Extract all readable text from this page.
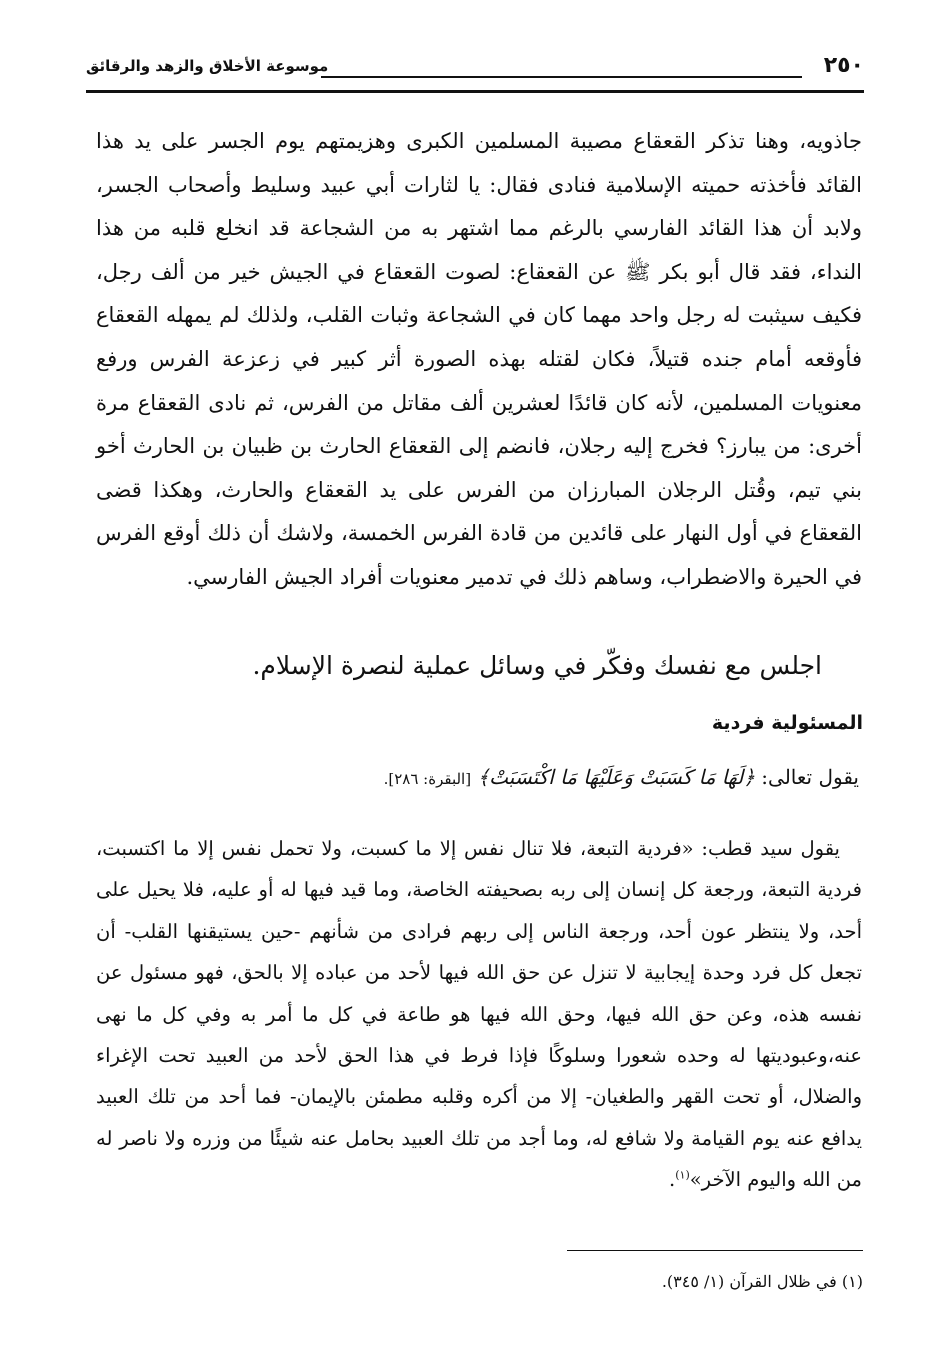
٢٥٠
موسوعة الأخلاق والزهد والرقائق

جاذويه، وهنا تذكر القعقاع مصيبة المسلمين الكبرى وهزيمتهم يوم الجسر على يد هذا القائد فأخذته حميته الإسلامية فنادى فقال: يا لثارات أبي عبيد وسليط وأصحاب الجسر، ولابد أن هذا القائد الفارسي بالرغم مما اشتهر به من الشجاعة قد انخلع قلبه من هذا النداء، فقد قال أبو بكر ﷺ عن القعقاع: لصوت القعقاع في الجيش خير من ألف رجل، فكيف سيثبت له رجل واحد مهما كان في الشجاعة وثبات القلب، ولذلك لم يمهله القعقاع فأوقعه أمام جنده قتيلاً، فكان لقتله بهذه الصورة أثر كبير في زعزعة الفرس ورفع معنويات المسلمين، لأنه كان قائدًا لعشرين ألف مقاتل من الفرس، ثم نادى القعقاع مرة أخرى: من يبارز؟ فخرج إليه رجلان، فانضم إلى القعقاع الحارث بن ظبيان بن الحارث أخو بني تيم، وقُتل الرجلان المبارزان من الفرس على يد القعقاع والحارث، وهكذا قضى القعقاع في أول النهار على قائدين من قادة الفرس الخمسة، ولاشك أن ذلك أوقع الفرس في الحيرة والاضطراب، وساهم ذلك في تدمير معنويات أفراد الجيش الفارسي.

اجلس مع نفسك وفكّر في وسائل عملية لنصرة الإسلام.

المسئولية فردية

يقول تعالى: ﴿لَهَا مَا كَسَبَتْ وَعَلَيْهَا مَا اكْتَسَبَتْ﴾ [البقرة: ٢٨٦].

يقول سيد قطب: «فردية التبعة، فلا تنال نفس إلا ما كسبت، ولا تحمل نفس إلا ما اكتسبت، فردية التبعة، ورجعة كل إنسان إلى ربه بصحيفته الخاصة، وما قيد فيها له أو عليه، فلا يحيل على أحد، ولا ينتظر عون أحد، ورجعة الناس إلى ربهم فرادى من شأنهم -حين يستيقنها القلب- أن تجعل كل فرد وحدة إيجابية لا تنزل عن حق الله فيها لأحد من عباده إلا بالحق، فهو مسئول عن نفسه هذه، وعن حق الله فيها، وحق الله فيها هو طاعة في كل ما أمر به وفي كل ما نهى عنه،وعبوديتها له وحده شعورا وسلوكًا فإذا فرط في هذا الحق لأحد من العبيد تحت الإغراء والضلال، أو تحت القهر والطغيان- إلا من أكره وقلبه مطمئن بالإيمان- فما أحد من تلك العبيد يدافع عنه يوم القيامة ولا شافع له، وما أجد من تلك العبيد بحامل عنه شيئًا من وزره ولا ناصر له من الله واليوم الآخر»$^{(١)}$.

(١) في ظلال القرآن (١/ ٣٤٥).
